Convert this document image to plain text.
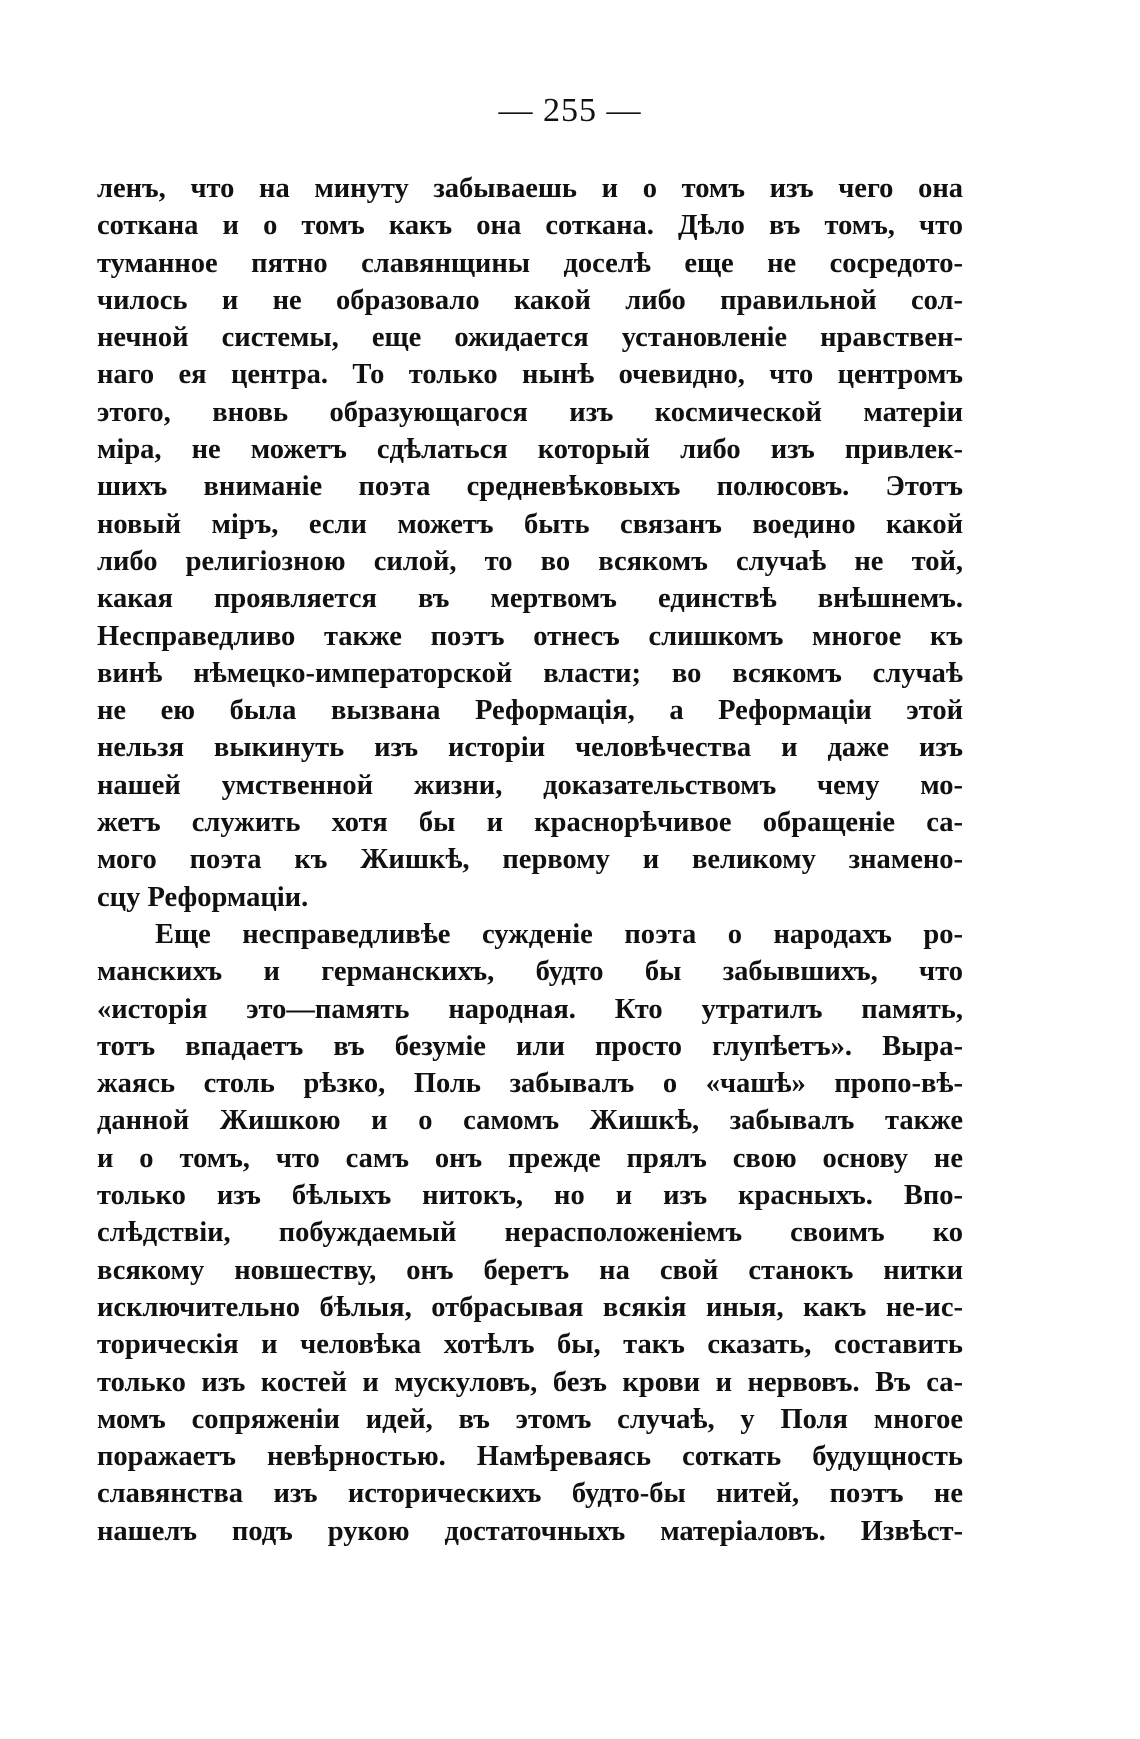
— 255 —
ленъ, что на минуту забываешь и о томъ изъ чего она
соткана и о томъ какъ она соткана. Дѣло въ томъ, что
туманное пятно славянщины доселѣ еще не сосредото-
чилось и не образовало какой либо правильной сол-
нечной системы, еще ожидается установленіе нравствен-
наго ея центра. То только нынѣ очевидно, что центромъ
этого, вновь образующагося изъ космической матеріи
міра, не можетъ сдѣлаться который либо изъ привлек-
шихъ вниманіе поэта средневѣковыхъ полюсовъ. Этотъ
новый міръ, если можетъ быть связанъ воедино какой
либо религіозною силой, то во всякомъ случаѣ не той,
какая проявляется въ мертвомъ единствѣ внѣшнемъ.
Несправедливо также поэтъ отнесъ слишкомъ многое къ
винѣ нѣмецко-императорской власти; во всякомъ случаѣ
не ею была вызвана Реформація, а Реформаціи этой
нельзя выкинуть изъ исторіи человѣчества и даже изъ
нашей умственной жизни, доказательствомъ чему мо-
жетъ служить хотя бы и краснорѣчивое обращеніе са-
мого поэта къ Жишкѣ, первому и великому знамено-
сцу Реформаціи.
Еще несправедливѣе сужденіе поэта о народахъ ро-
манскихъ и германскихъ, будто бы забывшихъ, что
«исторія это—память народная. Кто утратилъ память,
тотъ впадаетъ въ безуміе или просто глупѣетъ». Выра-
жаясь столь рѣзко, Поль забывалъ о «чашѣ» пропо-вѣ-
данной Жишкою и о самомъ Жишкѣ, забывалъ также
и о томъ, что самъ онъ прежде прялъ свою основу не
только изъ бѣлыхъ нитокъ, но и изъ красныхъ. Впо-
слѣдствіи, побуждаемый нерасположеніемъ своимъ ко
всякому новшеству, онъ беретъ на свой станокъ нитки
исключительно бѣлыя, отбрасывая всякія иныя, какъ не-ис-
торическія и человѣка хотѣлъ бы, такъ сказать, составить
только изъ костей и мускуловъ, безъ крови и нервовъ. Въ са-
момъ сопряженіи идей, въ этомъ случаѣ, у Поля многое
поражаетъ невѣрностью. Намѣреваясь соткать будущность
славянства изъ историческихъ будто-бы нитей, поэтъ не
нашелъ подъ рукою достаточныхъ матеріаловъ. Извѣст-
